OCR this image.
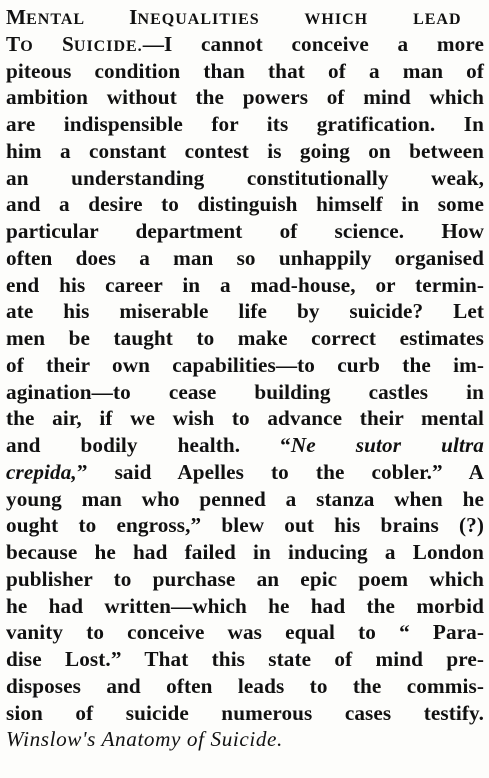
MENTAL INEQUALITIES WHICH LEAD
TO SUICIDE.—I cannot conceive a more
piteous condition than that of a man of
ambition without the powers of mind which
are indispensible for its gratification. In
him a constant contest is going on between
an understanding constitutionally weak,
and a desire to distinguish himself in some
particular department of science. How
often does a man so unhappily organised
end his career in a mad-house, or termin-
ate his miserable life by suicide? Let
men be taught to make correct estimates
of their own capabilities—to curb the im-
agination—to cease building castles in
the air, if we wish to advance their mental
and bodily health. “Ne sutor ultra
crepida,” said Apelles to the cobler.” A
young man who penned a stanza when he
ought to engross,” blew out his brains (?)
because he had failed in inducing a London
publisher to purchase an epic poem which
he had written—which he had the morbid
vanity to conceive was equal to “ Para-
dise Lost.” That this state of mind pre-
disposes and often leads to the commis-
sion of suicide numerous cases testify.
Winslow's Anatomy of Suicide.
